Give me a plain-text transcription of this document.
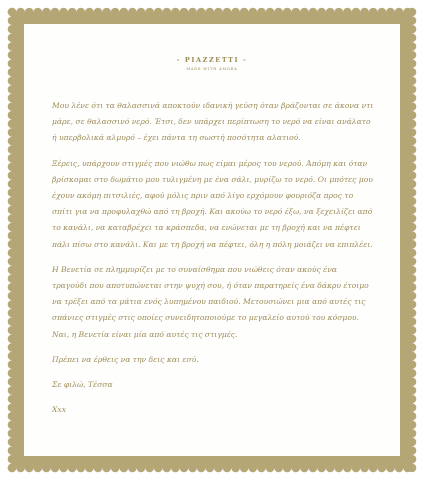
- PIAZZETTI -
MADE WITH AMORA

Μου λένε ότι τα θαλασσινά αποκτούν ιδανική γεύση όταν βράζονται σε άκονα ντι μάρε, σε θαλασσινό νερό. Έτσι, δεν υπάρχει περίπτωση το νερό να είναι ανάλατο ή υπερβολικά αλμυρό – έχει πάντα τη σωστή ποσότητα αλατιού.

Ξέρεις, υπάρχουν στιγμές που νιώθω πως είμαι μέρος του νερού. Άπόμη και όταν βρίσκομαι στο δωμάτιο μου τυλιγμένη με ένα σάλι, μυρίζω το νερό. Οι μπότες μου έχουν ακόμη πιτσιλιές, αφού μόλις πριν από λίγο ερχόμουν φουριόζα προς το σπίτι για να προφυλαχθώ από τη βροχή. Και ακούω το νερό έξω, να ξεχειλίζει από το κανάλι, να καταβρέχει τα κράσπεδα, να ενώνεται με τη βροχή και να πέφτει πάλι πίσω στο κανάλι. Και με τη βροχή να πέφτει, όλη η πόλη μοιάζει να επιπλέει.

Η Βενετία σε πλημμυρίζει με το συναίσθημα που νιώθεις όταν ακούς ένα τραγούδι που αποτυπώνεται στην ψυχή σου, ή όταν παρατηρείς ένα δάκρυ έτοιμο να τρέξει από τα μάτια ενός λυπημένου παιδιού. Μετουσιώνει μια από αυτές τις σπάνιες στιγμές στις οποίες συνειδητοποιούμε το μεγαλείο αυτού του κόσμου. Ναι, η Βενετία είναι μία από αυτές τις στιγμές.

Πρέπει να έρθεις να την δεις και εσύ.

Σε φιλώ, Τέσσα

Xxx
